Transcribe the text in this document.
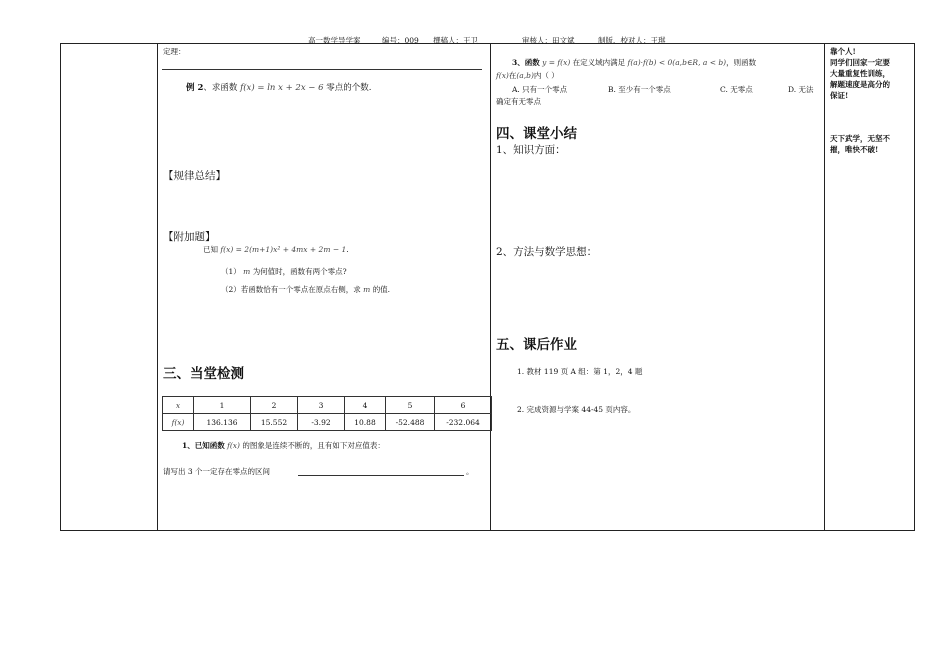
高一数学导学案	编号：009 撰稿人：王卫	审核人：田文斌	制版、校对人：王琪
定理：
例 2、求函数 f(x) = ln x + 2x − 6 零点的个数.
【规律总结】
【附加题】
已知 f(x) = 2(m+1)x² + 4mx + 2m − 1.
（1） m 为何值时，函数有两个零点?
（2）若函数恰有一个零点在原点右侧，求 m 的值.
三、当堂检测
x	1	2	3	4	5	6
f(x)	136.136	15.552	-3.92	10.88	-52.488	-232.064
1、已知函数 f(x) 的图象是连续不断的，且有如下对应值表：
请写出 3 个一定存在零点的区间	。
3、函数 y = f(x) 在定义域内满足 f(a)·f(b) < 0(a,b∈R, a < b)，则函数
f(x)在(a,b)内（ ）
A. 只有一个零点	B. 至少有一个零点	C. 无零点	D. 无法
确定有无零点
四、课堂小结
1、知识方面：
2、方法与数学思想：
五、课后作业
1. 教材 119 页 A 组：第 1，2，4 题
2. 完成资源与学案 44-45 页内容。
靠个人!
同学们回家一定要
大量重复性训练，
解题速度是高分的
保证!
天下武学，无坚不
摧，唯快不破!
